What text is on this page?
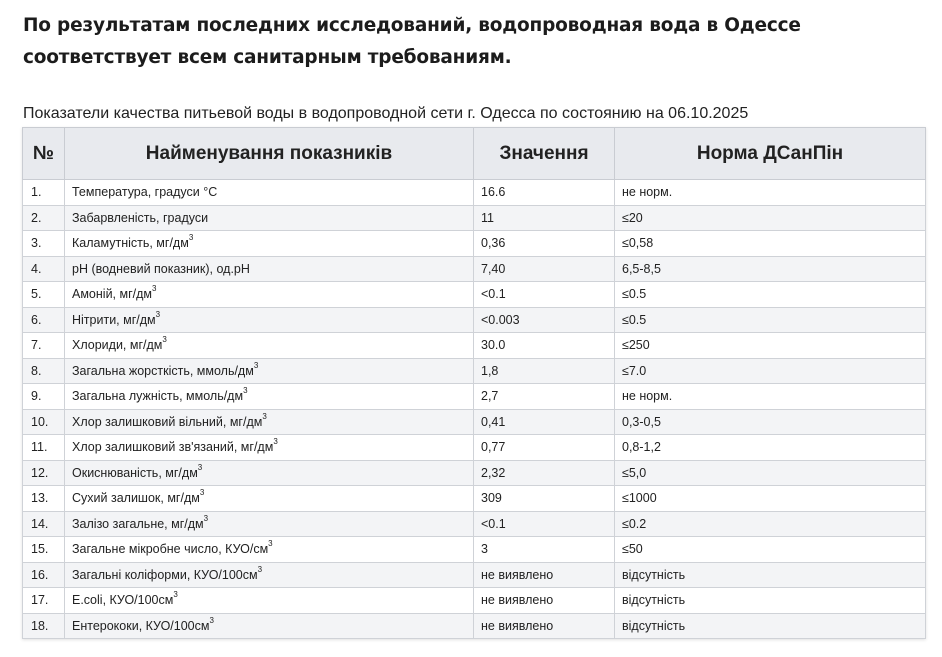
По результатам последних исследований, водопроводная вода в Одессе соответствует всем санитарным требованиям.
Показатели качества питьевой воды в водопроводной сети г. Одесса по состоянию на 06.10.2025
№	Найменування показників	Значення	Норма ДСанПін
1.	Температура, градуси °С	16.6	не норм.
2.	Забарвленість, градуси	11	≤20
3.	Каламутність, $мг/дм^3$	0,36	≤0,58
4.	pH (водневий показник), од.pH	7,40	6,5-8,5
5.	Амоній, $мг/дм^3$	<0.1	≤0.5
6.	Нітрити, $мг/дм^3$	<0.003	≤0.5
7.	Хлориди, $мг/дм^3$	30.0	≤250
8.	Загальна жорсткість, ммоль/$дм^3$	1,8	≤7.0
9.	Загальна лужність, ммоль/$дм^3$	2,7	не норм.
10.	Хлор залишковий вільний, $мг/дм^3$	0,41	0,3-0,5
11.	Хлор залишковий зв'язаний, $мг/дм^3$	0,77	0,8-1,2
12.	Окиснюваність, $мг/дм^3$	2,32	≤5,0
13.	Сухий залишок, $мг/дм^3$	309	≤1000
14.	Залізо загальне, $мг/дм^3$	<0.1	≤0.2
15.	Загальне мікробне число, КУО/$см^3$	3	≤50
16.	Загальні коліформи, КУО/$100см^3$	не виявлено	відсутність
17.	E.coli, КУО/$100см^3$	не виявлено	відсутність
18.	Ентерококи, КУО/$100см^3$	не виявлено	відсутність
